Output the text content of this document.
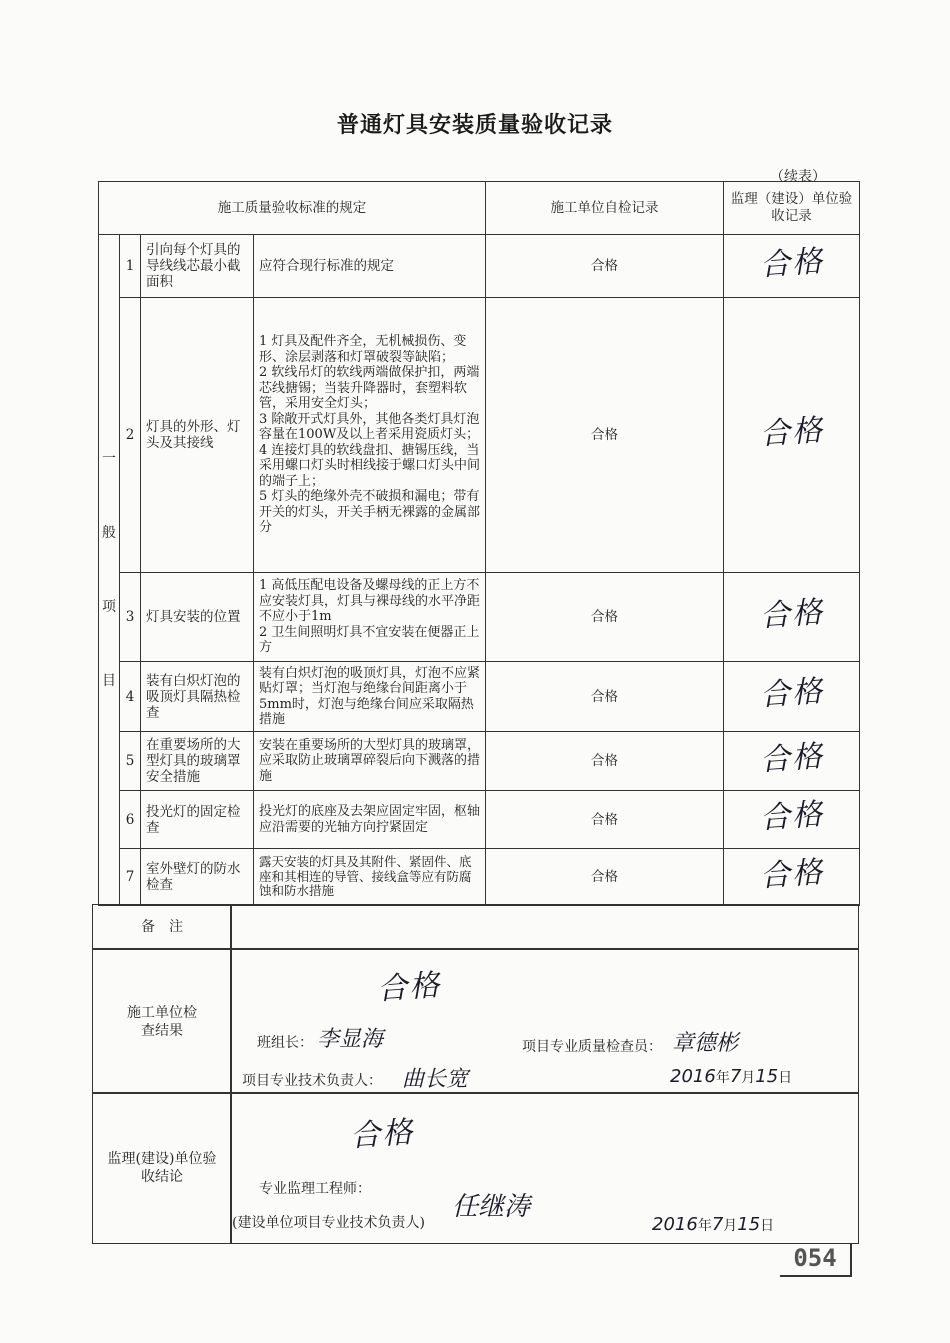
普通灯具安装质量验收记录
（续表）
施工质量验收标准的规定				施工单位自检记录	监理（建设）单位验收记录

一
般
项
目	1	引向每个灯具的导线线芯最小截面积	应符合现行标准的规定	合格	合格
	2	灯具的外形、灯头及其接线	1 灯具及配件齐全，无机械损伤、变形、涂层剥落和灯罩破裂等缺陷；
2 软线吊灯的软线两端做保护扣，两端芯线搪锡；当装升降器时，套塑料软管，采用安全灯头；
3 除敞开式灯具外，其他各类灯具灯泡容量在100W及以上者采用瓷质灯头；
4 连接灯具的软线盘扣、搪锡压线，当采用螺口灯头时相线接于螺口灯头中间的端子上；
5 灯头的绝缘外壳不破损和漏电；带有开关的灯头，开关手柄无裸露的金属部分	合格	合格
	3	灯具安装的位置	1 高低压配电设备及螺母线的正上方不应安装灯具，灯具与裸母线的水平净距不应小于1m
2 卫生间照明灯具不宜安装在便器正上方	合格	合格
	4	装有白炽灯泡的吸顶灯具隔热检查	装有白炽灯泡的吸顶灯具，灯泡不应紧贴灯罩；当灯泡与绝缘台间距离小于5mm时，灯泡与绝缘台间应采取隔热措施	合格	合格
	5	在重要场所的大型灯具的玻璃罩安全措施	安装在重要场所的大型灯具的玻璃罩，应采取防止玻璃罩碎裂后向下溅落的措施	合格	合格
	6	投光灯的固定检查	投光灯的底座及去架应固定牢固，枢轴应沿需要的光轴方向拧紧固定	合格	合格
	7	室外壁灯的防水检查	露天安装的灯具及其附件、紧固件、底座和其相连的导管、接线盒等应有防腐蚀和防水措施	合格	合格
备　注
施工单位检查结果
合格
班组长： 李显海	项目专业质量检查员： 章德彬
项目专业技术负责人： 曲长宽	2016年7月15日
监理(建设)单位验收结论
合格
专业监理工程师：
(建设单位项目专业技术负责人)
任继涛
2016年7月15日
054
